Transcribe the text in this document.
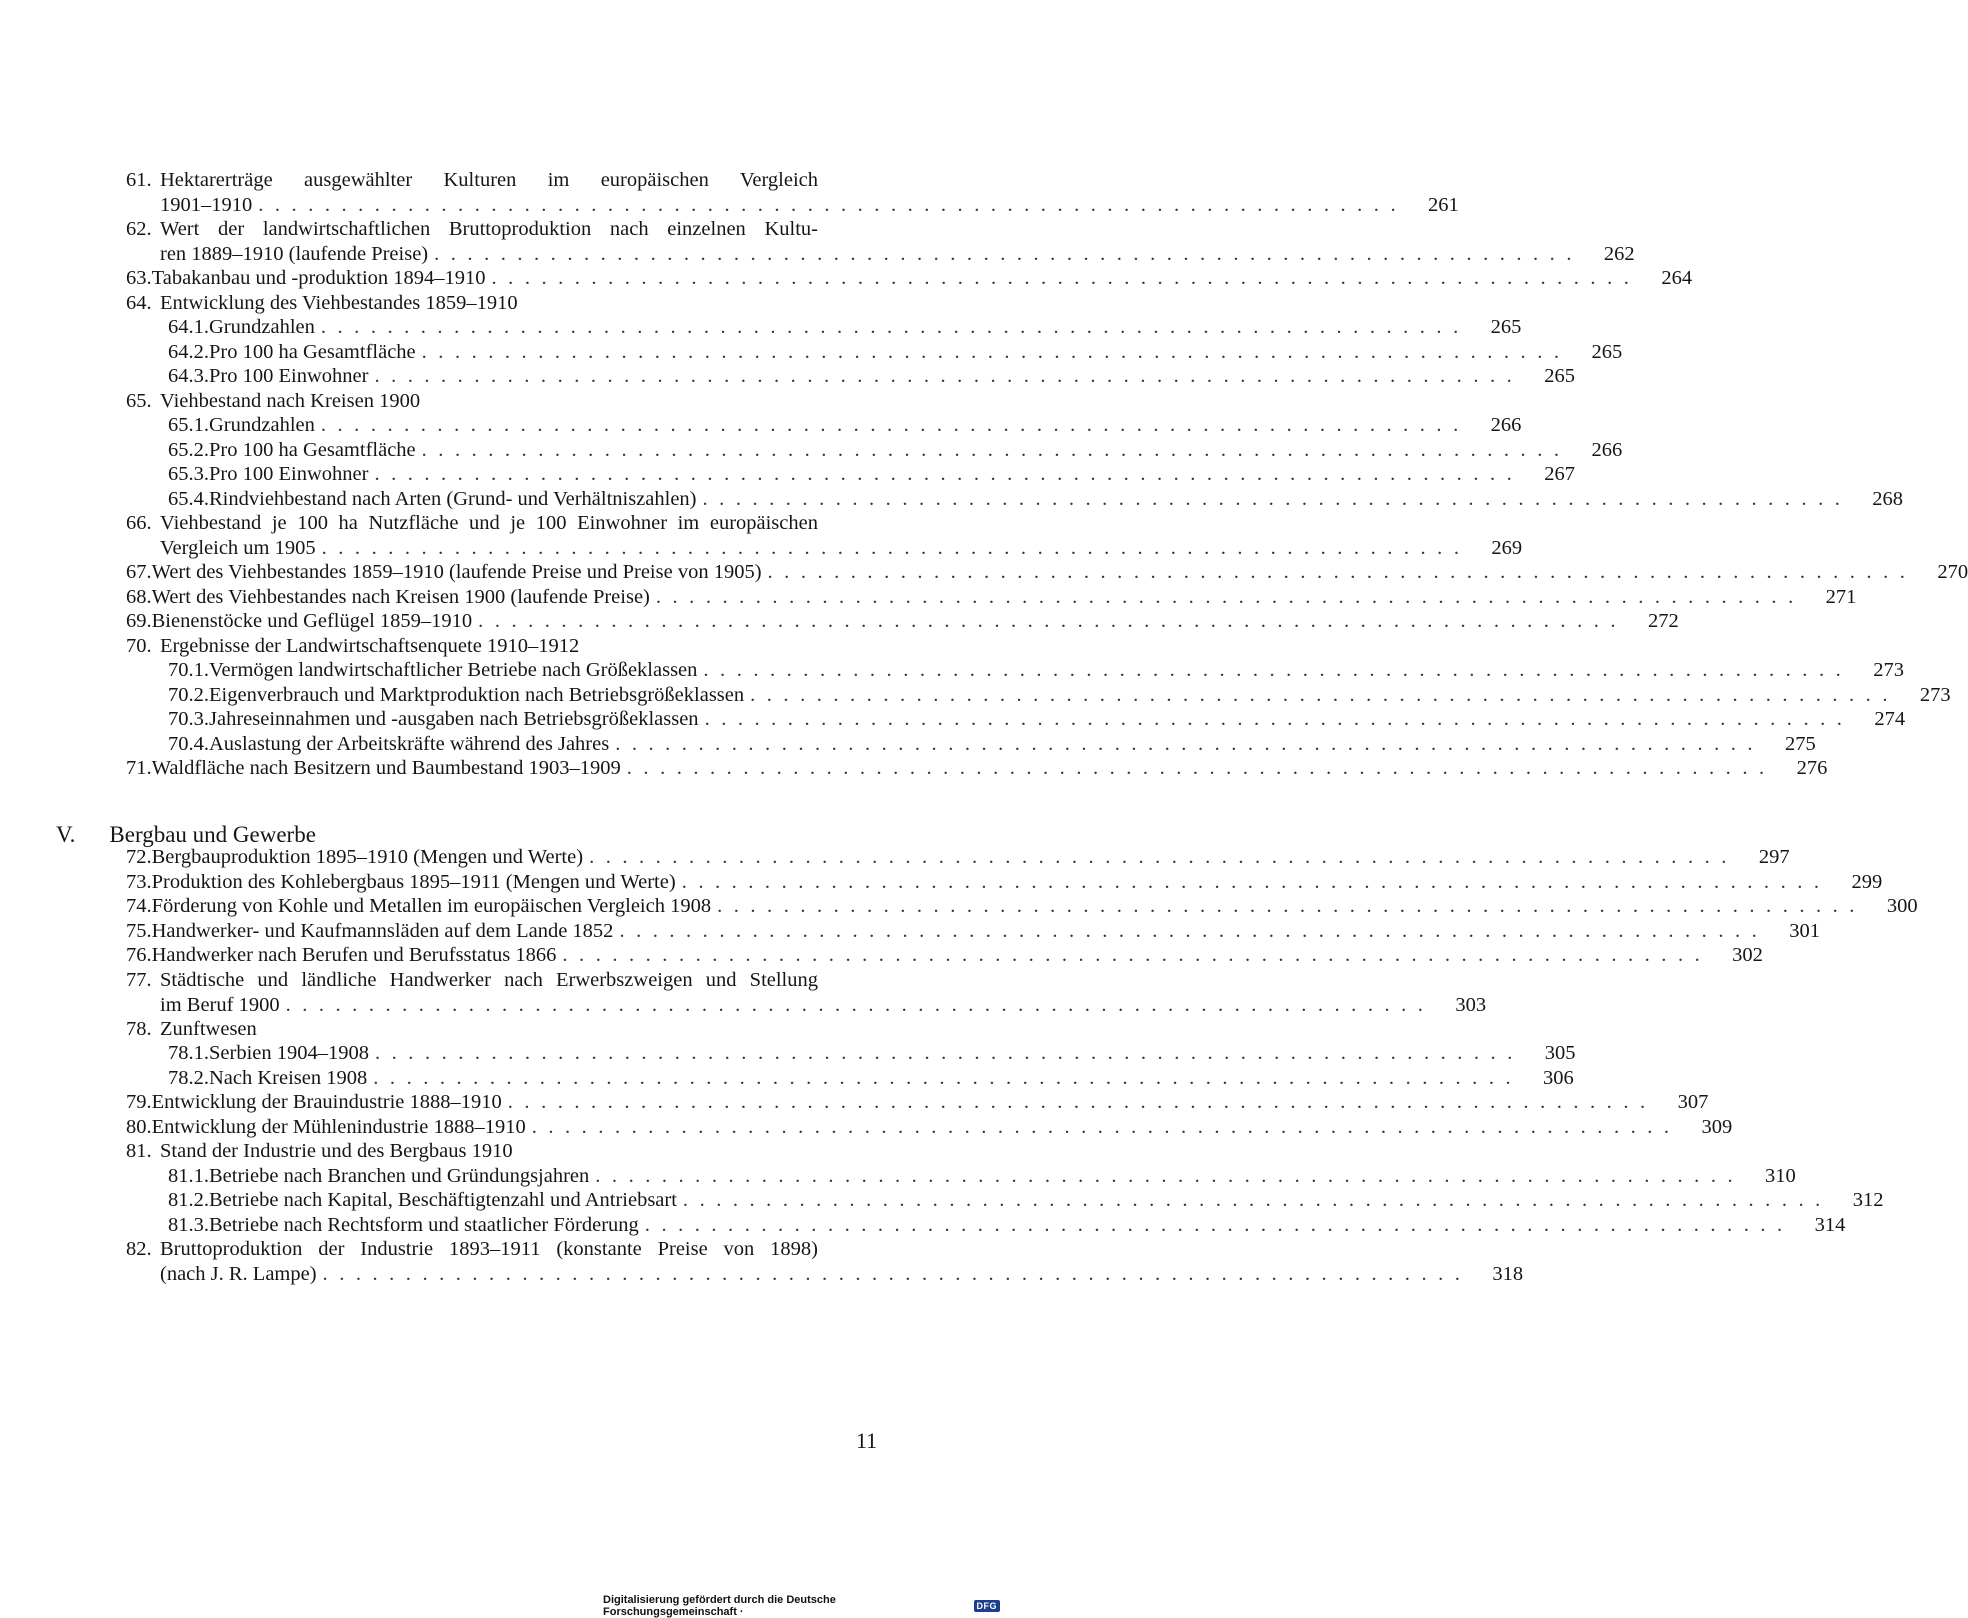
61. Hektarerträge ausgewählter Kulturen im europäischen Vergleich
1901–1910 . . . . . . . . . . . . . . . . . . . . . . . . . . . . . . . . . . . . . . . . . . . . . . . . . . . . . . . . . . . . . . . . . . . . .	261
62. Wert der landwirtschaftlichen Bruttoproduktion nach einzelnen Kultu-
ren 1889–1910 (laufende Preise) . . . . . . . . . . . . . . . . . . . . . . . . . . . . . . . . . . . . . . . . . . . . . . . . . . . . . . . . . . . . . . . . . . . . .	262
63. Tabakanbau und -produktion 1894–1910 . . . . . . . . . . . . . . . . . . . . . . . . . . . . . . . . . . . . . . . . . . . . . . . . . . . . . . . . . . . . . . . . . . . . .	264
64. Entwicklung des Viehbestandes 1859–1910
64.1. Grundzahlen . . . . . . . . . . . . . . . . . . . . . . . . . . . . . . . . . . . . . . . . . . . . . . . . . . . . . . . . . . . . . . . . . . . . .	265
64.2. Pro 100 ha Gesamtfläche . . . . . . . . . . . . . . . . . . . . . . . . . . . . . . . . . . . . . . . . . . . . . . . . . . . . . . . . . . . . . . . . . . . . .	265
64.3. Pro 100 Einwohner . . . . . . . . . . . . . . . . . . . . . . . . . . . . . . . . . . . . . . . . . . . . . . . . . . . . . . . . . . . . . . . . . . . . .	265
65. Viehbestand nach Kreisen 1900
65.1. Grundzahlen . . . . . . . . . . . . . . . . . . . . . . . . . . . . . . . . . . . . . . . . . . . . . . . . . . . . . . . . . . . . . . . . . . . . .	266
65.2. Pro 100 ha Gesamtfläche . . . . . . . . . . . . . . . . . . . . . . . . . . . . . . . . . . . . . . . . . . . . . . . . . . . . . . . . . . . . . . . . . . . . .	266
65.3. Pro 100 Einwohner . . . . . . . . . . . . . . . . . . . . . . . . . . . . . . . . . . . . . . . . . . . . . . . . . . . . . . . . . . . . . . . . . . . . .	267
65.4. Rindviehbestand nach Arten (Grund- und Verhältniszahlen) . . . . . . . . . . . . . . . . . . . . . . . . . . . . . . . . . . . . . . . . . . . . . . . . . . . . . . . . . . . . . . . . . . . . .	268
66. Viehbestand je 100 ha Nutzfläche und je 100 Einwohner im europäischen
Vergleich um 1905 . . . . . . . . . . . . . . . . . . . . . . . . . . . . . . . . . . . . . . . . . . . . . . . . . . . . . . . . . . . . . . . . . . . . .	269
67. Wert des Viehbestandes 1859–1910 (laufende Preise und Preise von 1905) . . . . . . . . . . . . . . . . . . . . . . . . . . . . . . . . . . . . . . . . . . . . . . . . . . . . . . . . . . . . . . . . . . . . .	270
68. Wert des Viehbestandes nach Kreisen 1900 (laufende Preise) . . . . . . . . . . . . . . . . . . . . . . . . . . . . . . . . . . . . . . . . . . . . . . . . . . . . . . . . . . . . . . . . . . . . .	271
69. Bienenstöcke und Geflügel 1859–1910 . . . . . . . . . . . . . . . . . . . . . . . . . . . . . . . . . . . . . . . . . . . . . . . . . . . . . . . . . . . . . . . . . . . . .	272
70. Ergebnisse der Landwirtschaftsenquete 1910–1912
70.1. Vermögen landwirtschaftlicher Betriebe nach Größeklassen . . . . . . . . . . . . . . . . . . . . . . . . . . . . . . . . . . . . . . . . . . . . . . . . . . . . . . . . . . . . . . . . . . . . .	273
70.2. Eigenverbrauch und Marktproduktion nach Betriebsgrößeklassen . . . . . . . . . . . . . . . . . . . . . . . . . . . . . . . . . . . . . . . . . . . . . . . . . . . . . . . . . . . . . . . . . . . . .	273
70.3. Jahreseinnahmen und -ausgaben nach Betriebsgrößeklassen . . . . . . . . . . . . . . . . . . . . . . . . . . . . . . . . . . . . . . . . . . . . . . . . . . . . . . . . . . . . . . . . . . . . .	274
70.4. Auslastung der Arbeitskräfte während des Jahres . . . . . . . . . . . . . . . . . . . . . . . . . . . . . . . . . . . . . . . . . . . . . . . . . . . . . . . . . . . . . . . . . . . . .	275
71. Waldfläche nach Besitzern und Baumbestand 1903–1909 . . . . . . . . . . . . . . . . . . . . . . . . . . . . . . . . . . . . . . . . . . . . . . . . . . . . . . . . . . . . . . . . . . . . .	276
72. Bergbauproduktion 1895–1910 (Mengen und Werte) . . . . . . . . . . . . . . . . . . . . . . . . . . . . . . . . . . . . . . . . . . . . . . . . . . . . . . . . . . . . . . . . . . . . .	297
73. Produktion des Kohlebergbaus 1895–1911 (Mengen und Werte) . . . . . . . . . . . . . . . . . . . . . . . . . . . . . . . . . . . . . . . . . . . . . . . . . . . . . . . . . . . . . . . . . . . . .	299
74. Förderung von Kohle und Metallen im europäischen Vergleich 1908 . . . . . . . . . . . . . . . . . . . . . . . . . . . . . . . . . . . . . . . . . . . . . . . . . . . . . . . . . . . . . . . . . . . . .	300
75. Handwerker- und Kaufmannsläden auf dem Lande 1852 . . . . . . . . . . . . . . . . . . . . . . . . . . . . . . . . . . . . . . . . . . . . . . . . . . . . . . . . . . . . . . . . . . . . .	301
76. Handwerker nach Berufen und Berufsstatus 1866 . . . . . . . . . . . . . . . . . . . . . . . . . . . . . . . . . . . . . . . . . . . . . . . . . . . . . . . . . . . . . . . . . . . . .	302
77. Städtische und ländliche Handwerker nach Erwerbszweigen und Stellung
im Beruf 1900 . . . . . . . . . . . . . . . . . . . . . . . . . . . . . . . . . . . . . . . . . . . . . . . . . . . . . . . . . . . . . . . . . . . . .	303
78. Zunftwesen
78.1. Serbien 1904–1908 . . . . . . . . . . . . . . . . . . . . . . . . . . . . . . . . . . . . . . . . . . . . . . . . . . . . . . . . . . . . . . . . . . . . .	305
78.2. Nach Kreisen 1908 . . . . . . . . . . . . . . . . . . . . . . . . . . . . . . . . . . . . . . . . . . . . . . . . . . . . . . . . . . . . . . . . . . . . .	306
79. Entwicklung der Brauindustrie 1888–1910 . . . . . . . . . . . . . . . . . . . . . . . . . . . . . . . . . . . . . . . . . . . . . . . . . . . . . . . . . . . . . . . . . . . . .	307
80. Entwicklung der Mühlenindustrie 1888–1910 . . . . . . . . . . . . . . . . . . . . . . . . . . . . . . . . . . . . . . . . . . . . . . . . . . . . . . . . . . . . . . . . . . . . .	309
81. Stand der Industrie und des Bergbaus 1910
81.1. Betriebe nach Branchen und Gründungsjahren . . . . . . . . . . . . . . . . . . . . . . . . . . . . . . . . . . . . . . . . . . . . . . . . . . . . . . . . . . . . . . . . . . . . .	310
81.2. Betriebe nach Kapital, Beschäftigtenzahl und Antriebsart . . . . . . . . . . . . . . . . . . . . . . . . . . . . . . . . . . . . . . . . . . . . . . . . . . . . . . . . . . . . . . . . . . . . .	312
81.3. Betriebe nach Rechtsform und staatlicher Förderung . . . . . . . . . . . . . . . . . . . . . . . . . . . . . . . . . . . . . . . . . . . . . . . . . . . . . . . . . . . . . . . . . . . . .	314
82. Bruttoproduktion der Industrie 1893–1911 (konstante Preise von 1898)
(nach J. R. Lampe) . . . . . . . . . . . . . . . . . . . . . . . . . . . . . . . . . . . . . . . . . . . . . . . . . . . . . . . . . . . . . . . . . . . . .	318
V. Bergbau und Gewerbe
11
Digitalisierung gefördert durch die Deutsche Forschungsgemeinschaft ·	DFG
